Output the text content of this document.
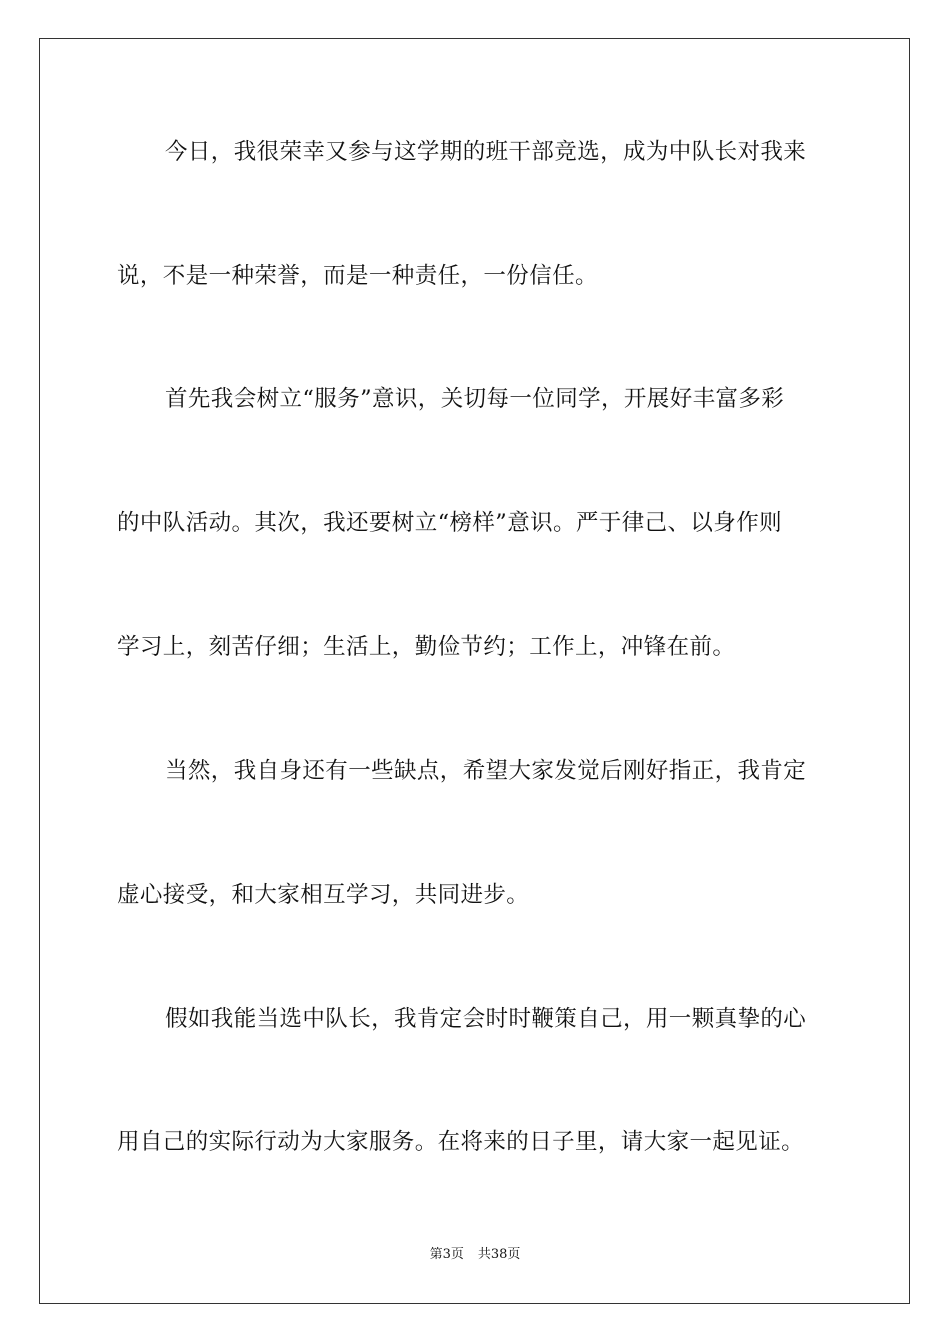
今日，我很荣幸又参与这学期的班干部竞选，成为中队长对我来
说，不是一种荣誉，而是一种责任，一份信任。
首先我会树立“服务”意识，关切每一位同学，开展好丰富多彩
的中队活动。其次，我还要树立“榜样”意识。严于律己、以身作则
学习上，刻苦仔细；生活上，勤俭节约；工作上，冲锋在前。
当然，我自身还有一些缺点，希望大家发觉后刚好指正，我肯定
虚心接受，和大家相互学习，共同进步。
假如我能当选中队长，我肯定会时时鞭策自己，用一颗真挚的心
用自己的实际行动为大家服务。在将来的日子里，请大家一起见证。
第3页 共38页
